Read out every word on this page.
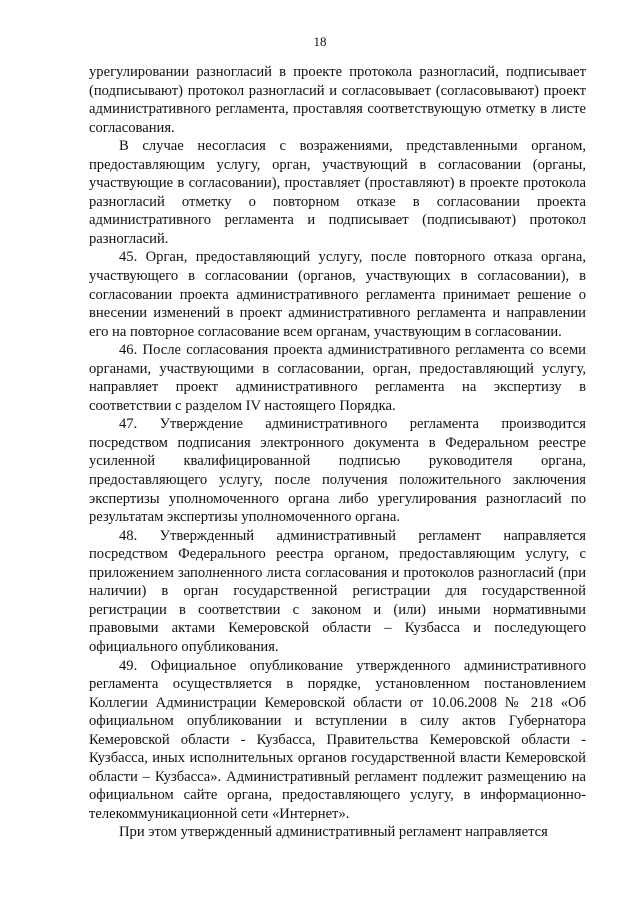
18

урегулировании разногласий в проекте протокола разногласий, подписывает (подписывают) протокол разногласий и согласовывает (согласовывают) проект административного регламента, проставляя соответствующую отметку в листе согласования.

В случае несогласия с возражениями, представленными органом, предоставляющим услугу, орган, участвующий в согласовании (органы, участвующие в согласовании), проставляет (проставляют) в проекте протокола разногласий отметку о повторном отказе в согласовании проекта административного регламента и подписывает (подписывают) протокол разногласий.

45. Орган, предоставляющий услугу, после повторного отказа органа, участвующего в согласовании (органов, участвующих в согласовании), в согласовании проекта административного регламента принимает решение о внесении изменений в проект административного регламента и направлении его на повторное согласование всем органам, участвующим в согласовании.

46. После согласования проекта административного регламента со всеми органами, участвующими в согласовании, орган, предоставляющий услугу, направляет проект административного регламента на экспертизу в соответствии с разделом IV настоящего Порядка.

47. Утверждение административного регламента производится посредством подписания электронного документа в Федеральном реестре усиленной квалифицированной подписью руководителя органа, предоставляющего услугу, после получения положительного заключения экспертизы уполномоченного органа либо урегулирования разногласий по результатам экспертизы уполномоченного органа.

48. Утвержденный административный регламент направляется посредством Федерального реестра органом, предоставляющим услугу, с приложением заполненного листа согласования и протоколов разногласий (при наличии) в орган государственной регистрации для государственной регистрации в соответствии с законом и (или) иными нормативными правовыми актами Кемеровской области – Кузбасса и последующего официального опубликования.

49. Официальное опубликование утвержденного административного регламента осуществляется в порядке, установленном постановлением Коллегии Администрации Кемеровской области от 10.06.2008 № 218 «Об официальном опубликовании и вступлении в силу актов Губернатора Кемеровской области - Кузбасса, Правительства Кемеровской области - Кузбасса, иных исполнительных органов государственной власти Кемеровской области – Кузбасса». Административный регламент подлежит размещению на официальном сайте органа, предоставляющего услугу, в информационно-телекоммуникационной сети «Интернет».

При этом утвержденный административный регламент направляется
